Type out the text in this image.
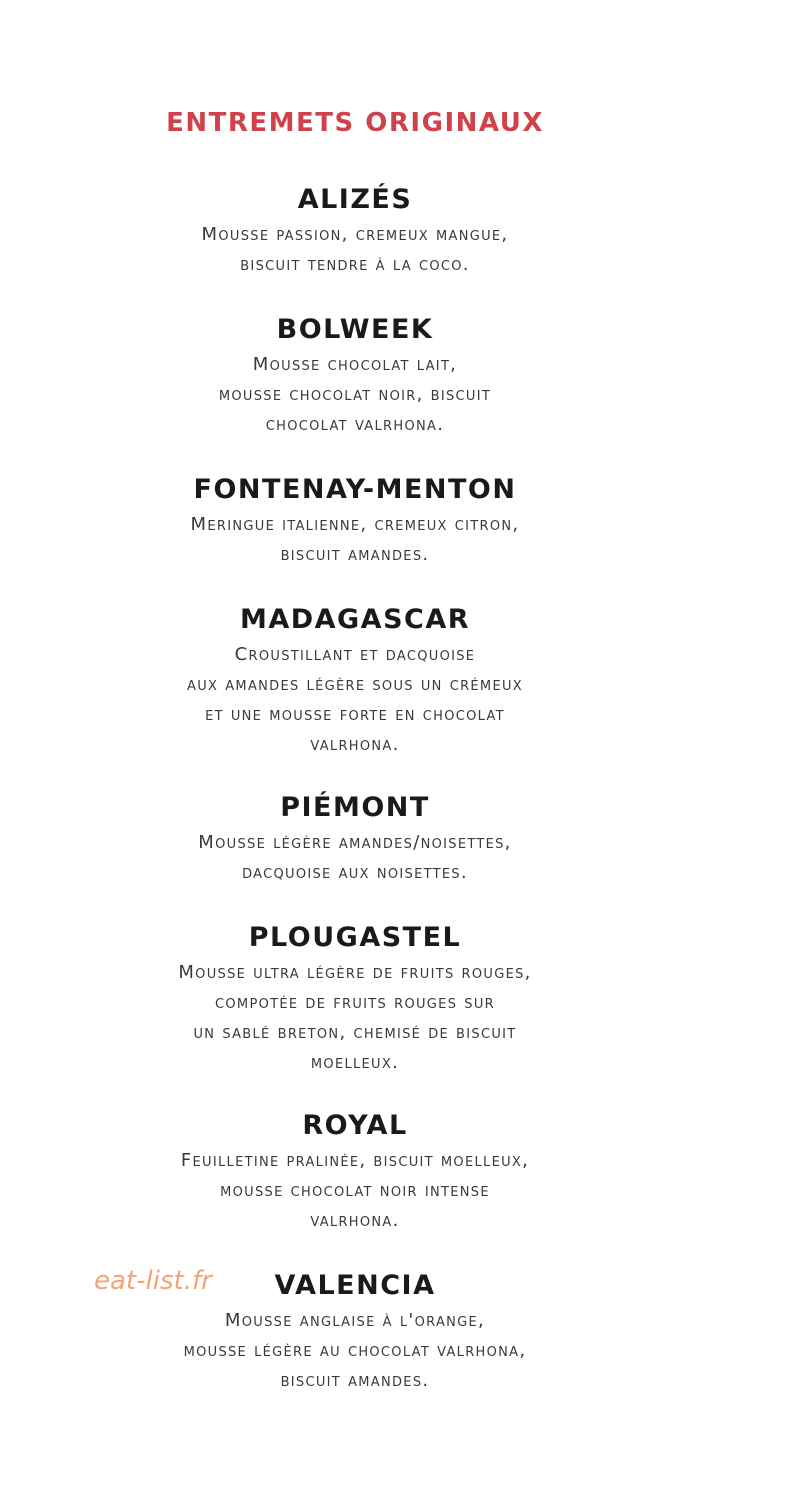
ENTREMETS ORIGINAUX

ALIZÉS

Mousse passion, cremeux mangue,
biscuit tendre à la coco.

BOLWEEK

Mousse chocolat lait,
mousse chocolat noir, biscuit
chocolat valrhona.

FONTENAY-MENTON

Meringue italienne, cremeux citron,
biscuit amandes.

MADAGASCAR

Croustillant et dacquoise
aux amandes légère sous un crémeux
et une mousse forte en chocolat
valrhona.

PIÉMONT

Mousse légère amandes/noisettes,
dacquoise aux noisettes.

PLOUGASTEL

Mousse ultra légère de fruits rouges,
compotée de fruits rouges sur
un sablé breton, chemisé de biscuit
moelleux.

ROYAL

Feuilletine pralinée, biscuit moelleux,
mousse chocolat noir intense
valrhona.

VALENCIA

Mousse anglaise à l'orange,
mousse légère au chocolat valrhona,
biscuit amandes.

eat-list.fr
